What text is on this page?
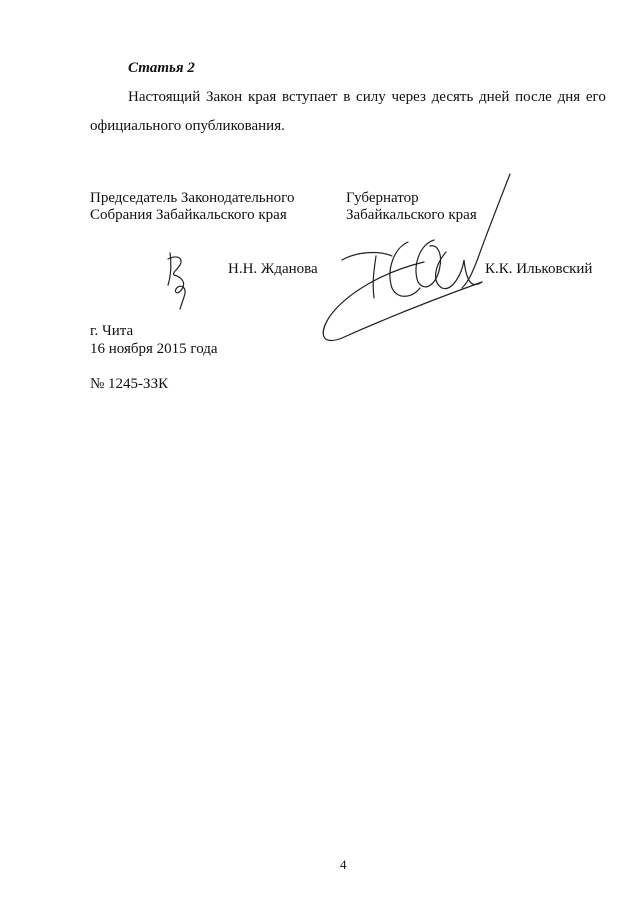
Статья 2
Настоящий Закон края вступает в силу через десять дней после дня его
официального опубликования.
Председатель Законодательного
Собрания Забайкальского края
Н.Н. Жданова
Губернатор
Забайкальского края
К.К. Ильковский
г. Чита
16 ноября 2015 года
№ 1245-ЗЗК
4
